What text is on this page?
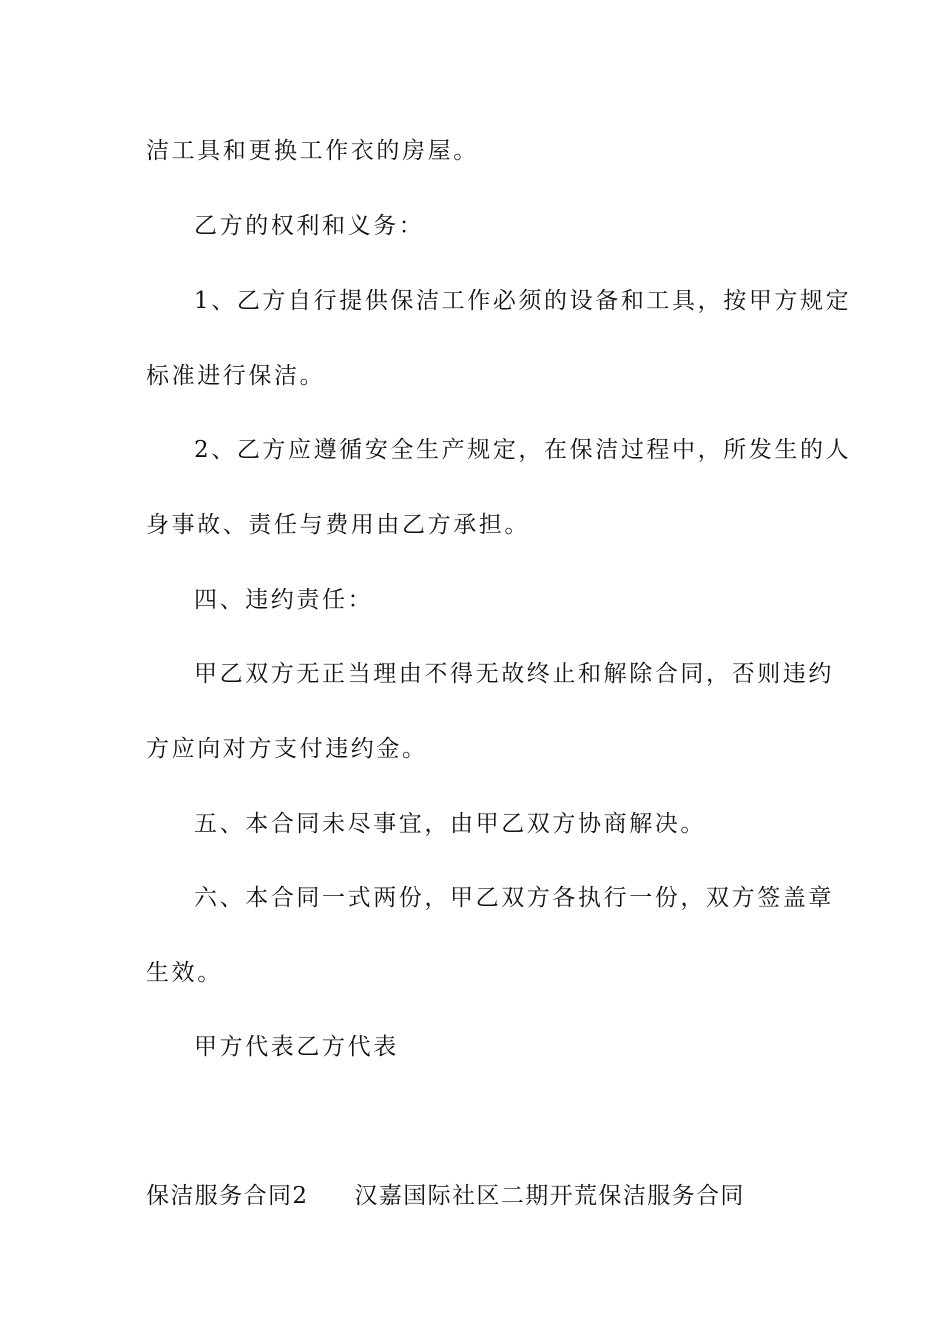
洁工具和更换工作衣的房屋。
乙方的权利和义务：
1、乙方自行提供保洁工作必须的设备和工具，按甲方规定
标准进行保洁。
2、乙方应遵循安全生产规定，在保洁过程中，所发生的人
身事故、责任与费用由乙方承担。
四、违约责任：
甲乙双方无正当理由不得无故终止和解除合同，否则违约
方应向对方支付违约金。
五、本合同未尽事宜，由甲乙双方协商解决。
六、本合同一式两份，甲乙双方各执行一份，双方签盖章
生效。
甲方代表乙方代表
保洁服务合同2 汉嘉国际社区二期开荒保洁服务合同
